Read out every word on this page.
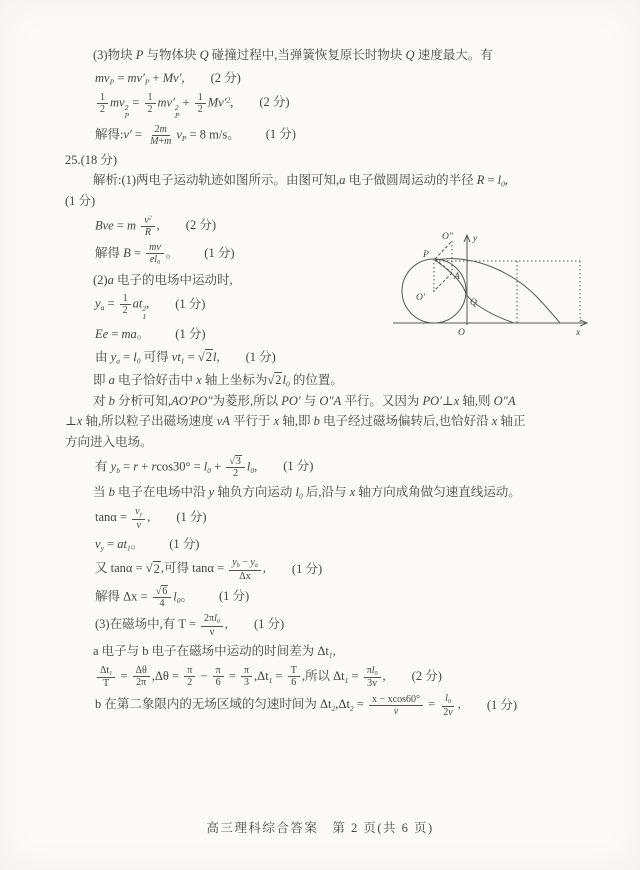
(3)物块 P 与物体块 Q 碰撞过程中,当弹簧恢复原长时物块 Q 速度最大。有
$mv_P = mv'_P + Mv'$, (2 分)
$\frac{1}{2}$ mv 2
P
= $\frac{1}{2} mv'$ 2
P
+ $\frac{1}{2} Mv'^2$, (2 分)
解得:v′ = $\frac{2m}{M+m} v_P = 8$ m/s。 (1 分)
25.(18 分)
解析:(1)两电子运动轨迹如图所示。由图可知,a 电子做圆周运动的半径 $R = l_0$,
(1 分)
Bve = m $\frac{v^2}{R}$ , (2 分)
解得 $B = \frac{mv}{el_0}$ 。 (1 分)
(2)a 电子的电场中运动时,
$y_a = \frac{1}{2}$ at 2
1
, (1 分)
Ee = ma。 (1 分)
由 $y_a = l_0$ 可得 $vt_1 = √2l$, (1 分)
即 a 电子恰好击中 x 轴上坐标为$√2l_0$ 的位置。
对 b 分析可知,AO′PO″为菱形,所以 PO′ 与 O″A 平行。又因为 PO′⊥x 轴,则 O″A
⊥x 轴,所以粒子出磁场速度 vA 平行于 x 轴,即 b 电子经过磁场偏转后,也恰好沿 x 轴正
方向进入电场。
有 $y_b = r + rcos30^\circ = l_0 + \frac{√3}{2} l_0$, (1 分)
当 b 电子在电场中沿 y 轴负方向运动 $l_0$ 后,沿与 x 轴方向成角做匀速直线运动。
$\tan\alpha = \frac{v_y}{v}$ , (1 分)
$v_y = at_1$。 (1 分)
又 tanα = √2,可得 $\tan\alpha = \frac{y_b - y_a}{\Delta x}$ , (1 分)
解得 $\Delta x = \frac{√6}{4} l_0$。 (1 分)
(3)在磁场中,有 $T = \frac{2\pi l_0}{v}$ , (1 分)
a 电子与 b 电子在磁场中运动的时间差为 $\Delta t_1$,
$\frac{\Delta t_1}{T} = \frac{\Delta\theta}{2\pi} ,\Delta\theta = \frac{\pi}{2} - \frac{\pi}{6} = \frac{\pi}{3} ,\Delta t_1 = \frac{T}{6}$ ,所以 $\Delta t_1 = \frac{\pi l_0}{3v}$ , (2 分)
b 在第二象限内的无场区域的匀速时间为 $\Delta t_2,\Delta t_2 = \frac{x - xcos60^\circ}{v} = \frac{l_0}{2v}$ , (1 分)
O″ y
P
A
O′	Q
O	x
高三理科综合答案　第 2 页(共 6 页)
